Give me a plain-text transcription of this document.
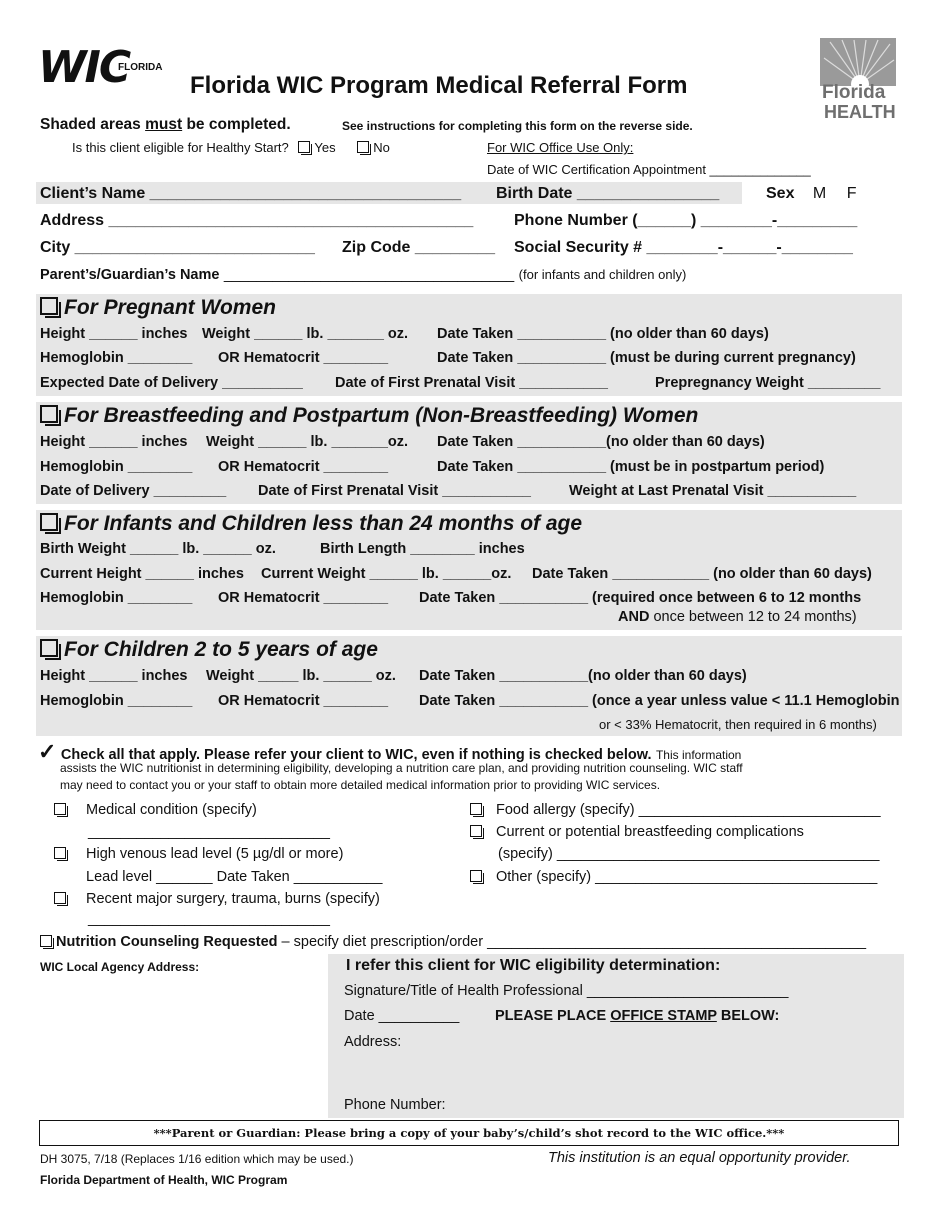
WIC
FLORIDA
Florida WIC Program Medical Referral Form	Florida
HEALTH
Shaded areas must be completed.	See instructions for completing this form on the reverse side.
Is this client eligible for Healthy Start? Yes	No	For WIC Office Use Only:
Date of WIC Certification Appointment ______________
Client’s Name ___________________________________ Birth Date ________________	Sex M F
Address _________________________________________	Phone Number (______) ________-_________
City ___________________________ Zip Code _________ Social Security # ________-______-________
Parent’s/Guardian’s Name ____________________________________ (for infants and children only)
For Pregnant Women
Height ______ inches Weight ______ lb. _______ oz. Date Taken ___________ (no older than 60 days)
Hemoglobin ________ OR Hematocrit ________	Date Taken ___________ (must be during current pregnancy)
Expected Date of Delivery __________ Date of First Prenatal Visit ___________	Prepregnancy Weight _________
For Breastfeeding and Postpartum (Non-Breastfeeding) Women
Height ______ inches Weight ______ lb. _______oz. Date Taken ___________(no older than 60 days)
Hemoglobin ________ OR Hematocrit ________	Date Taken ___________ (must be in postpartum period)
Date of Delivery _________ Date of First Prenatal Visit ___________	Weight at Last Prenatal Visit ___________
For Infants and Children less than 24 months of age
Birth Weight ______ lb. ______ oz.	Birth Length ________ inches
Current Height ______ inches Current Weight ______ lb. ______oz. Date Taken ____________ (no older than 60 days)
Hemoglobin ________ OR Hematocrit ________ Date Taken ___________ (required once between 6 to 12 months
AND once between 12 to 24 months)
For Children 2 to 5 years of age
Height ______ inches Weight _____ lb. ______ oz. Date Taken ___________(no older than 60 days)
Hemoglobin ________ OR Hematocrit ________ Date Taken ___________ (once a year unless value < 11.1 Hemoglobin
or < 33% Hematocrit, then required in 6 months)
✓ Check all that apply. Please refer your client to WIC, even if nothing is checked below. This information
assists the WIC nutritionist in determining eligibility, developing a nutrition care plan, and providing nutrition counseling. WIC staff
may need to contact you or your staff to obtain more detailed medical information prior to providing WIC services.
Medical condition (specify)
______________________________
High venous lead level (5 µg/dl or more)
Lead level _______ Date Taken ___________
Recent major surgery, trauma, burns (specify)
______________________________
Food allergy (specify) ______________________________
Current or potential breastfeeding complications
(specify) ________________________________________
Other (specify) ___________________________________
Nutrition Counseling Requested – specify diet prescription/order _______________________________________________
WIC Local Agency Address:	I refer this client for WIC eligibility determination:
Signature/Title of Health Professional _________________________
Date __________ PLEASE PLACE OFFICE STAMP BELOW:
Address:
Phone Number:
***Parent or Guardian: Please bring a copy of your baby’s/child’s shot record to the WIC office.***
DH 3075, 7/18 (Replaces 1/16 edition which may be used.)	This institution is an equal opportunity provider.
Florida Department of Health, WIC Program
